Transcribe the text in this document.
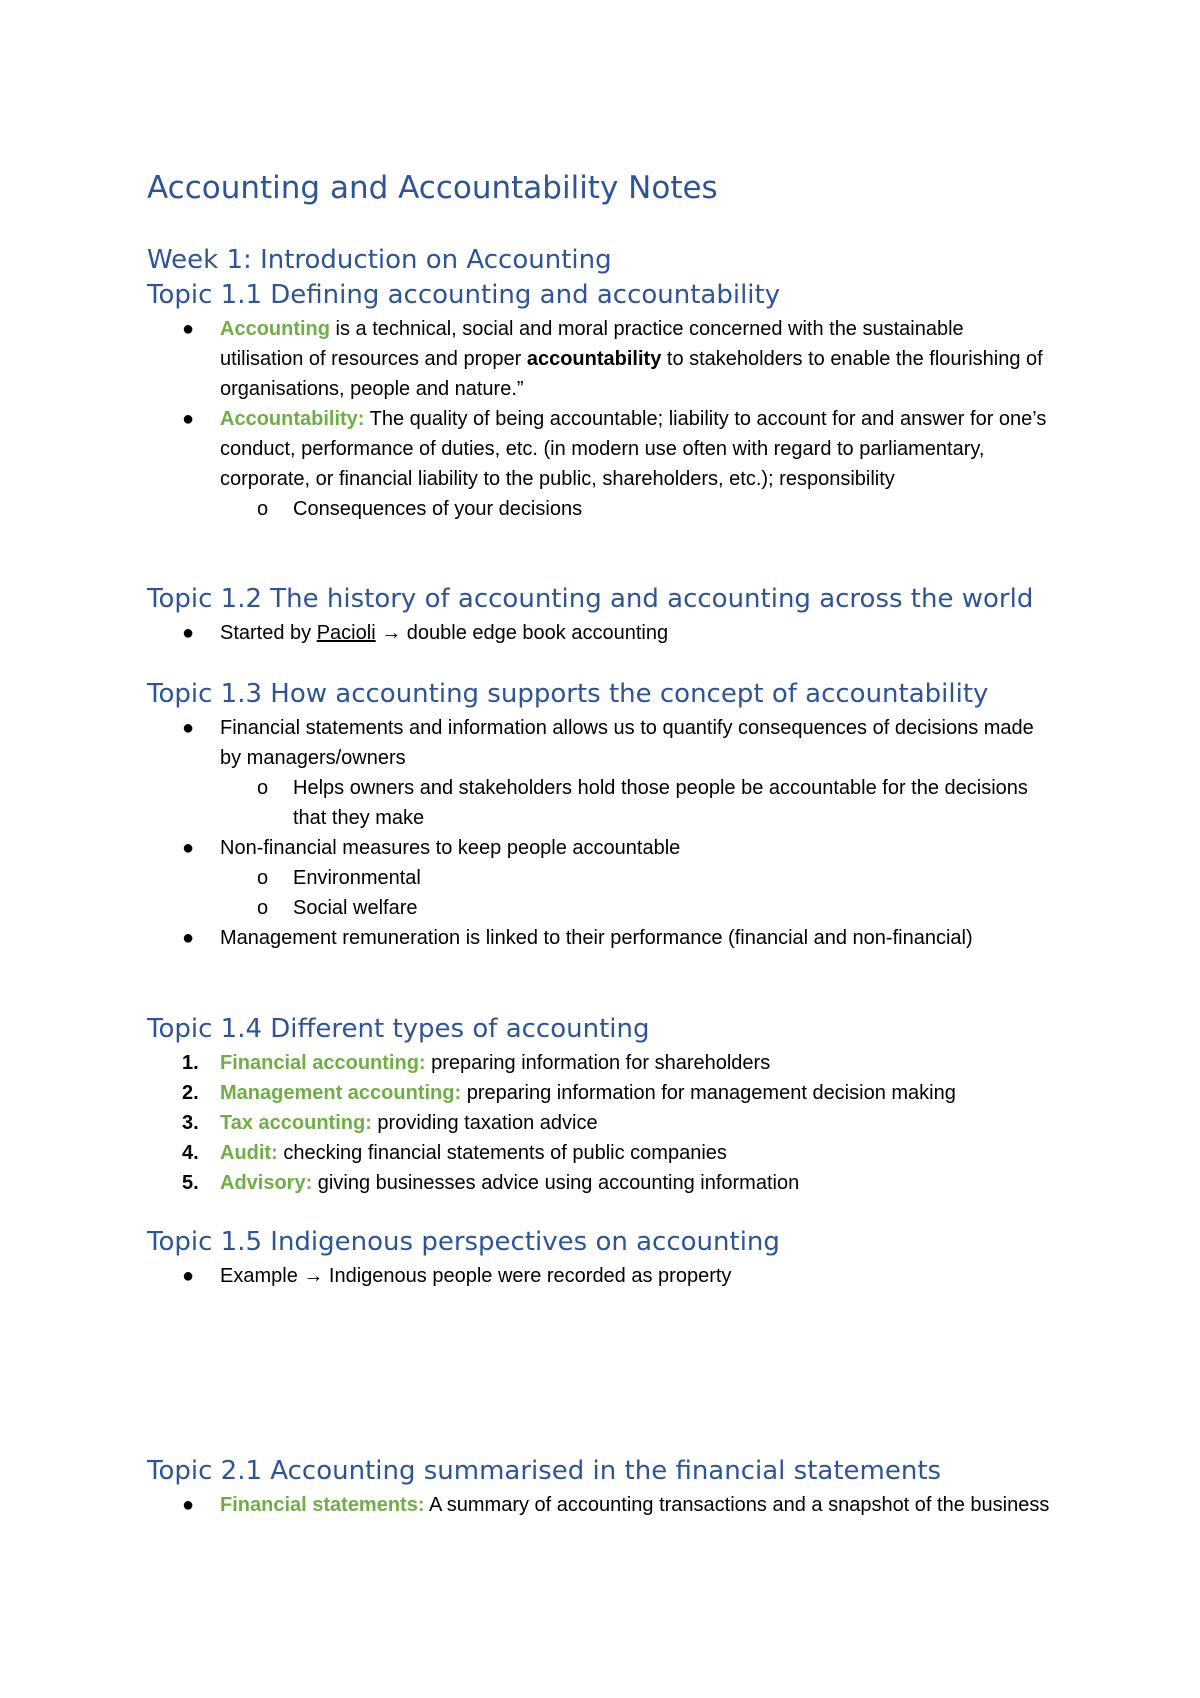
Accounting and Accountability Notes
Week 1: Introduction on Accounting
Topic 1.1 Defining accounting and accountability
● Accounting is a technical, social and moral practice concerned with the sustainable utilisation of resources and proper accountability to stakeholders to enable the flourishing of organisations, people and nature.”
● Accountability: The quality of being accountable; liability to account for and answer for one’s conduct, performance of duties, etc. (in modern use often with regard to parliamentary, corporate, or financial liability to the public, shareholders, etc.); responsibility
o Consequences of your decisions
Topic 1.2 The history of accounting and accounting across the world
● Started by Pacioli → double edge book accounting
Topic 1.3 How accounting supports the concept of accountability
● Financial statements and information allows us to quantify consequences of decisions made by managers/owners
o Helps owners and stakeholders hold those people be accountable for the decisions that they make
● Non-financial measures to keep people accountable
o Environmental
o Social welfare
● Management remuneration is linked to their performance (financial and non-financial)
Topic 1.4 Different types of accounting
1. Financial accounting: preparing information for shareholders
2. Management accounting: preparing information for management decision making
3. Tax accounting: providing taxation advice
4. Audit: checking financial statements of public companies
5. Advisory: giving businesses advice using accounting information
Topic 1.5 Indigenous perspectives on accounting
● Example → Indigenous people were recorded as property
Topic 2.1 Accounting summarised in the financial statements
● Financial statements: A summary of accounting transactions and a snapshot of the business
